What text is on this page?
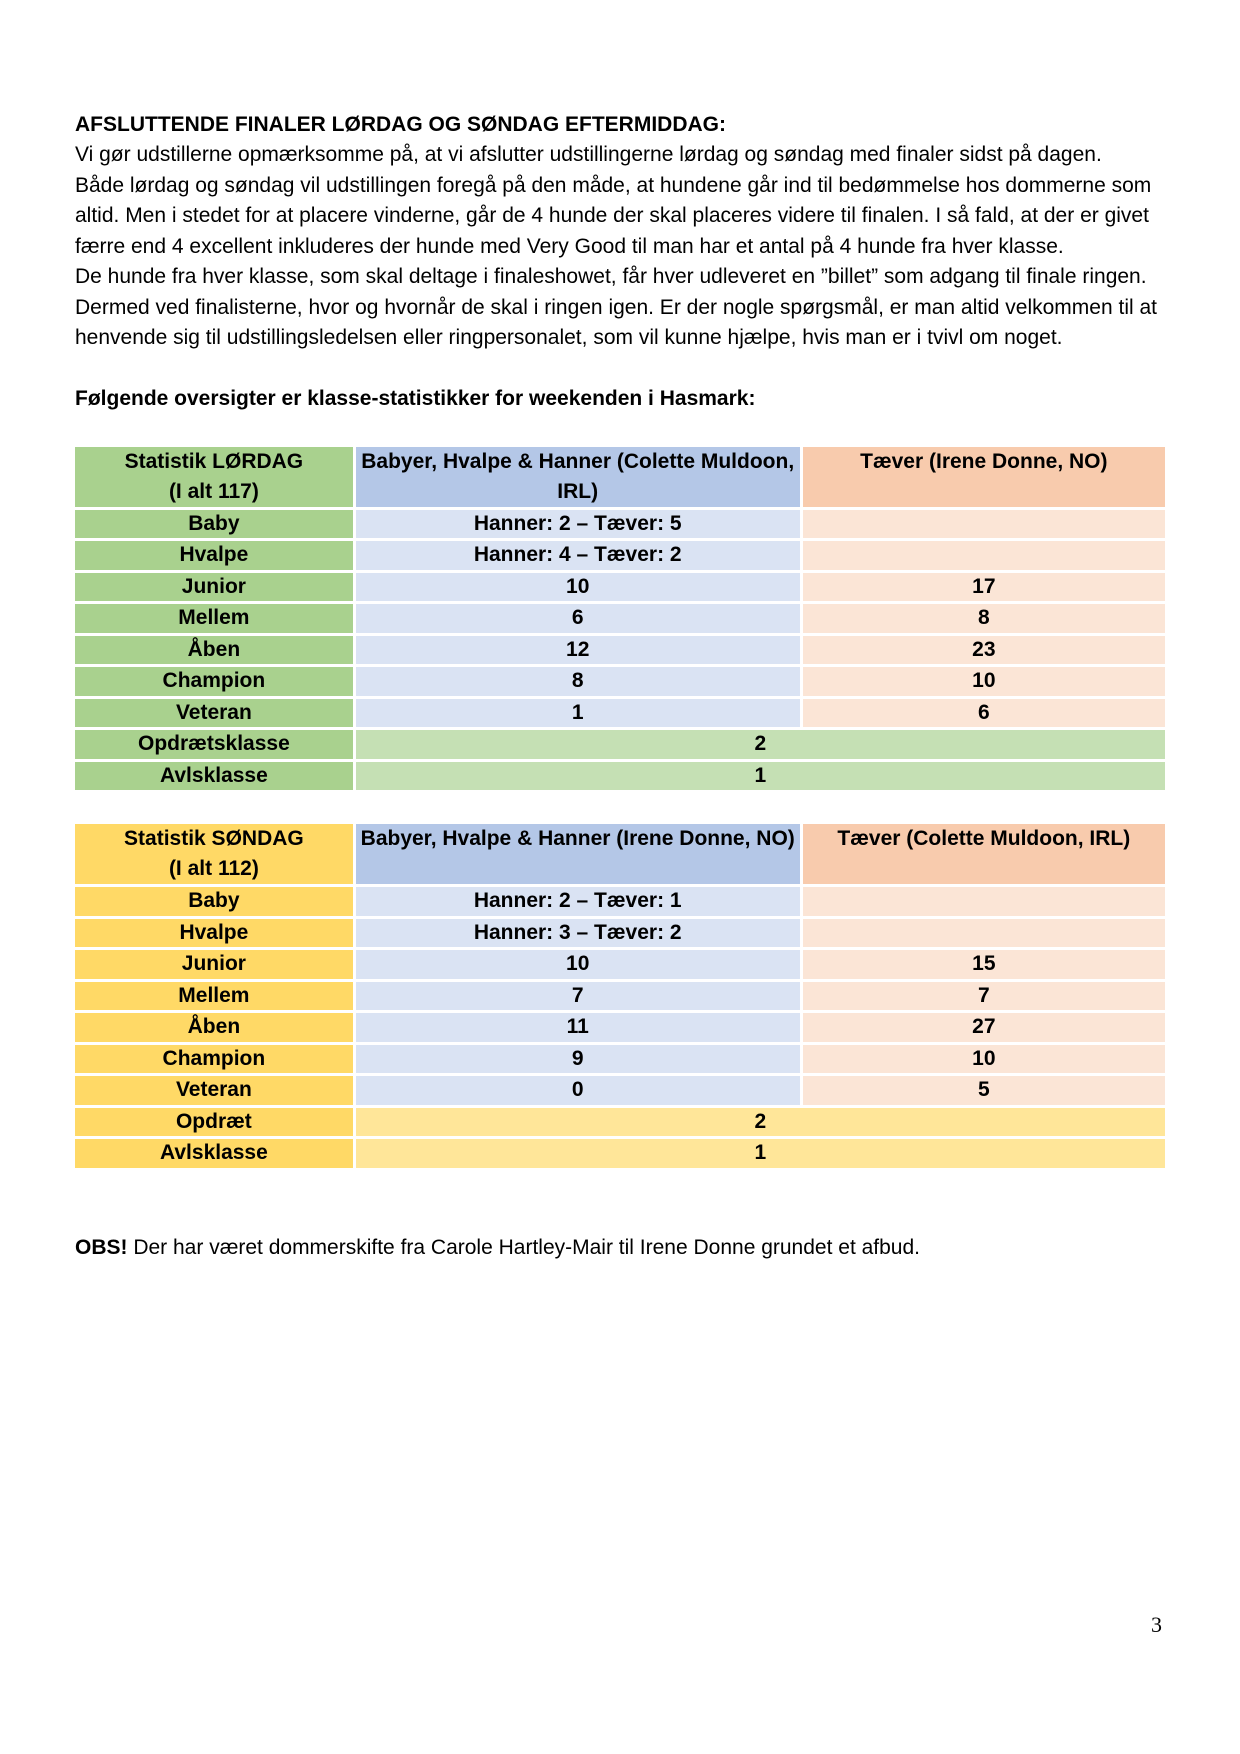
AFSLUTTENDE FINALER LØRDAG OG SØNDAG EFTERMIDDAG:

Vi gør udstillerne opmærksomme på, at vi afslutter udstillingerne lørdag og søndag med finaler sidst på dagen.

Både lørdag og søndag vil udstillingen foregå på den måde, at hundene går ind til bedømmelse hos dommerne som altid. Men i stedet for at placere vinderne, går de 4 hunde der skal placeres videre til finalen. I så fald, at der er givet færre end 4 excellent inkluderes der hunde med Very Good til man har et antal på 4 hunde fra hver klasse.

De hunde fra hver klasse, som skal deltage i finaleshowet, får hver udleveret en ”billet” som adgang til finale ringen. Dermed ved finalisterne, hvor og hvornår de skal i ringen igen. Er der nogle spørgsmål, er man altid velkommen til at henvende sig til udstillingsledelsen eller ringpersonalet, som vil kunne hjælpe, hvis man er i tvivl om noget.

Følgende oversigter er klasse-statistikker for weekenden i Hasmark:

Statistik LØRDAG
(I alt 117)	Babyer, Hvalpe & Hanner (Colette Muldoon, IRL)	Tæver (Irene Donne, NO)
Baby	Hanner: 2 – Tæver: 5	
Hvalpe	Hanner: 4 – Tæver: 2	
Junior	10	17
Mellem	6	8
Åben	12	23
Champion	8	10
Veteran	1	6
Opdrætsklasse	2	
Avlsklasse	1	
Statistik SØNDAG
(I alt 112)	Babyer, Hvalpe & Hanner (Irene Donne, NO)	Tæver (Colette Muldoon, IRL)
Baby	Hanner: 2 – Tæver: 1	
Hvalpe	Hanner: 3 – Tæver: 2	
Junior	10	15
Mellem	7	7
Åben	11	27
Champion	9	10
Veteran	0	5
Opdræt	2	
Avlsklasse	1	

OBS! Der har været dommerskifte fra Carole Hartley-Mair til Irene Donne grundet et afbud.

3
